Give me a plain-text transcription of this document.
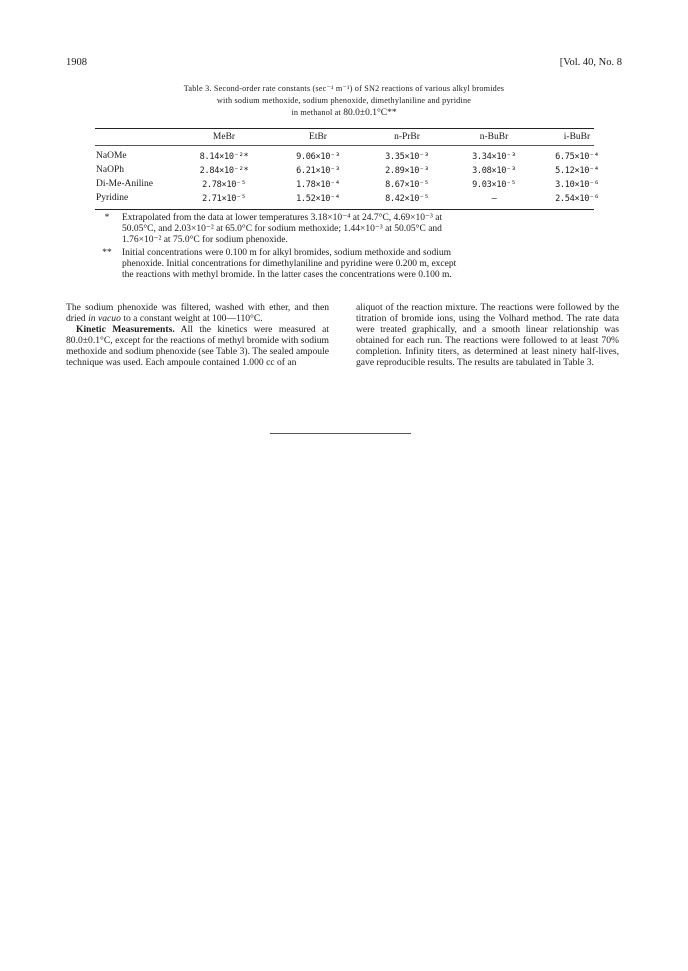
1908	[Vol. 40, No. 8
Table 3. Second-order rate constants (sec⁻¹ m⁻¹) of SN2 reactions of various alkyl bromides
with sodium methoxide, sodium phenoxide, dimethylaniline and pyridine
in methanol at 80.0±0.1°C**
MeBr	EtBr	n-PrBr	n-BuBr	i-BuBr
NaOMe	8.14×10⁻²*	9.06×10⁻³	3.35×10⁻³	3.34×10⁻³	6.75×10⁻⁴
NaOPh	2.84×10⁻²*	6.21×10⁻³	2.89×10⁻³	3.08×10⁻³	5.12×10⁻⁴
Di-Me-Aniline	2.78×10⁻⁵	1.78×10⁻⁴	8.67×10⁻⁵	9.03×10⁻⁵	3.10×10⁻⁶
Pyridine	2.71×10⁻⁵	1.52×10⁻⁴	8.42×10⁻⁵	—	2.54×10⁻⁶
*	Extrapolated from the data at lower temperatures 3.18×10⁻⁴ at 24.7°C, 4.69×10⁻³ at
50.05°C, and 2.03×10⁻² at 65.0°C for sodium methoxide; 1.44×10⁻³ at 50.05°C and
1.76×10⁻² at 75.0°C for sodium phenoxide.
**	Initial concentrations were 0.100 m for alkyl bromides, sodium methoxide and sodium
phenoxide. Initial concentrations for dimethylaniline and pyridine were 0.200 m, except
the reactions with methyl bromide. In the latter cases the concentrations were 0.100 m.

The sodium phenoxide was filtered, washed with ether, and then dried in vacuo to a constant weight at 100—110°C.

Kinetic Measurements. All the kinetics were measured at 80.0±0.1°C, except for the reactions of methyl bromide with sodium methoxide and sodium phenoxide (see Table 3). The sealed ampoule technique was used. Each ampoule contained 1.000 cc of an

aliquot of the reaction mixture. The reactions were followed by the titration of bromide ions, using the Volhard method. The rate data were treated graphically, and a smooth linear relationship was obtained for each run. The reactions were followed to at least 70% completion. Infinity titers, as determined at least ninety half-lives, gave reproducible results. The results are tabulated in Table 3.
